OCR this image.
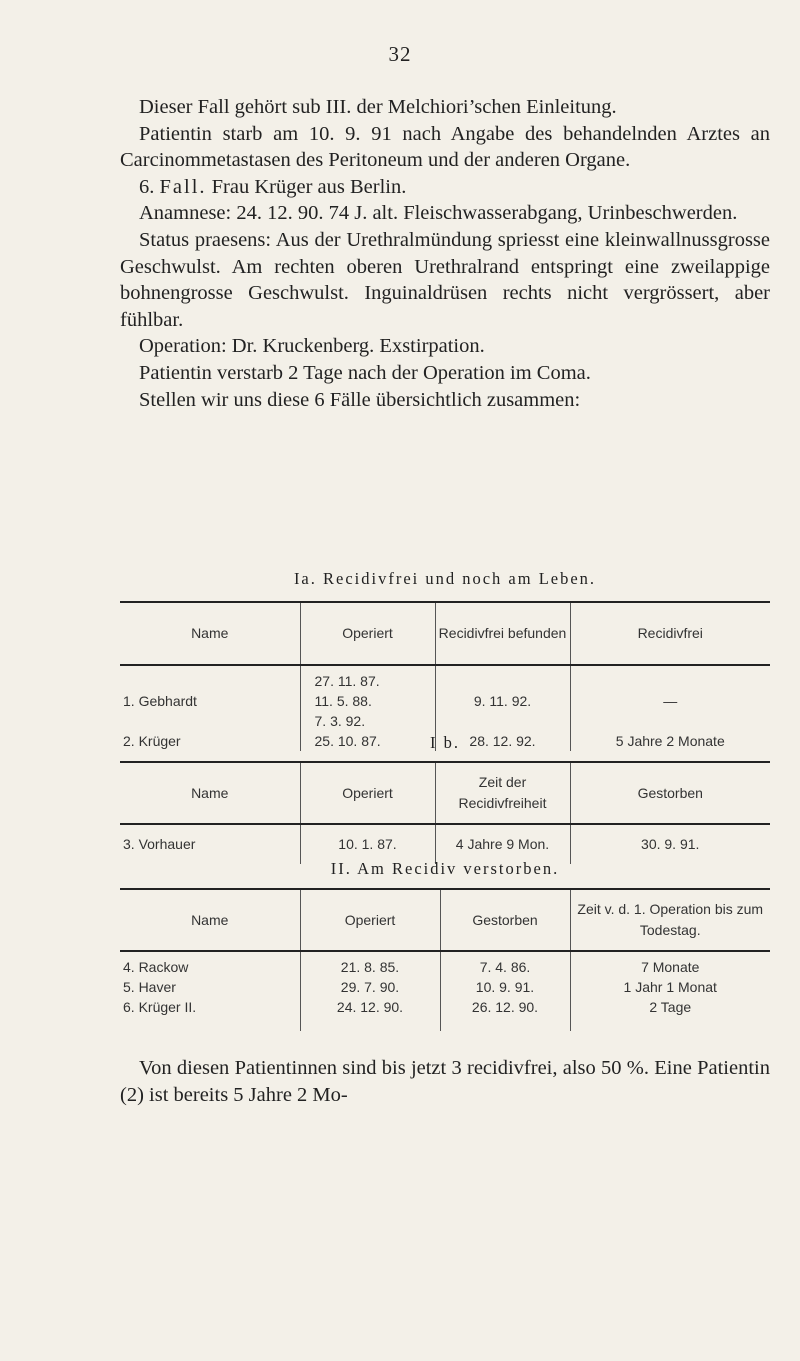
32

Dieser Fall gehört sub III. der Melchiori’schen Einleitung.

Patientin starb am 10. 9. 91 nach Angabe des behandelnden Arztes an Carcinommetastasen des Peritoneum und der anderen Organe.

6. Fall. Frau Krüger aus Berlin.

Anamnese: 24. 12. 90. 74 J. alt. Fleischwasserabgang, Urinbeschwerden.

Status praesens: Aus der Urethralmündung spriesst eine kleinwallnussgrosse Geschwulst. Am rechten oberen Urethralrand entspringt eine zweilappige bohnengrosse Geschwulst. Inguinaldrüsen rechts nicht vergrössert, aber fühlbar.

Operation: Dr. Kruckenberg. Exstirpation.

Patientin verstarb 2 Tage nach der Operation im Coma.

Stellen wir uns diese 6 Fälle übersichtlich zusammen:

Ia. Recidivfrei und noch am Leben.
Name	Operiert	Recidivfrei befunden	Recidivfrei

	27. 11. 87.		
1. Gebhardt	11. 5. 88.	9. 11. 92.	—
	7. 3. 92.		
2. Krüger	25. 10. 87.	28. 12. 92.	5 Jahre 2 Monate
I b.
Name	Operiert	Zeit der Recidivfreiheit	Gestorben
3. Vorhauer	10. 1. 87.	4 Jahre 9 Mon.	30. 9. 91.
II. Am Recidiv verstorben.
Name	Operiert	Gestorben	Zeit v. d. 1. Operation bis zum Todestag.

4. Rackow	21. 8. 85.	7. 4. 86.	7 Monate
5. Haver	29. 7. 90.	10. 9. 91.	1 Jahr 1 Monat
6. Krüger II.	24. 12. 90.	26. 12. 90.	2 Tage

Von diesen Patientinnen sind bis jetzt 3 recidivfrei, also 50 %. Eine Patientin (2) ist bereits 5 Jahre 2 Mo-
